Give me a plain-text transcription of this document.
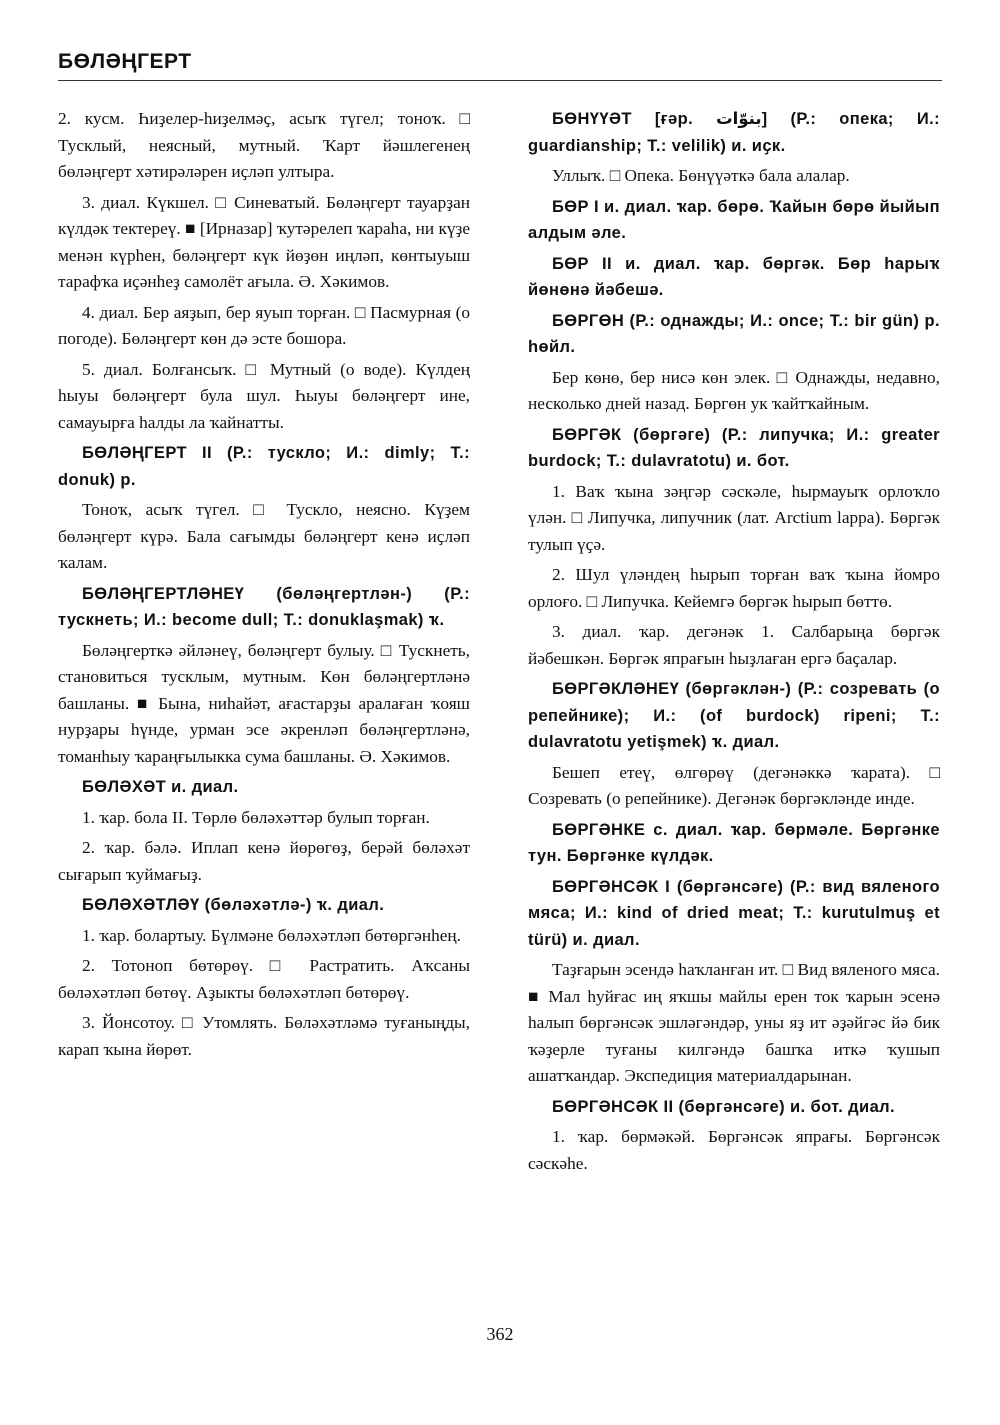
БӨЛӘҢГЕРТ

2. кусм. Һиҙелер-һиҙелмәҫ, асыҡ түгел; тоноҡ. □ Тусклый, неясный, мутный. Ҡарт йәшлегенең бөләңгерт хәтирәләрен иҫләп ултыра.

3. диал. Күкшел. □ Синеватый. Бөләңгерт тауарҙан күлдәк тектереү. ■ [Ирназар] ҡутәрелеп ҡараһа, ни күҙе менән күрһен, бөләңгерт күк йөҙөн иңләп, көнтыуыш тарафҡа иҫәнһеҙ самолёт ағыла. Ә. Хәкимов.

4. диал. Бер аяҙып, бер яуып торған. □ Пасмурная (о погоде). Бөләңгерт көн дә эсте бошора.

5. диал. Болғансыҡ. □ Мутный (о воде). Күлдең һыуы бөләңгерт була шул. Һыуы бөләңгерт ине, самауырға һалды ла ҡайнатты.

БӨЛӘҢГЕРТ II (Р.: тускло; И.: dimly; Т.: donuk) р.

Тоноҡ, асыҡ түгел. □ Тускло, неясно. Күҙем бөләңгерт күрә. Бала сағымды бөләңгерт кенә иҫләп ҡалам.

БӨЛӘҢГЕРТЛӘНЕҮ (бөләңгертлән-) (Р.: тускнеть; И.: become dull; Т.: donuklaşmak) ҡ.

Бөләңгерткә әйләнеү, бөләңгерт булыу. □ Тускнеть, становиться тусклым, мутным. Көн бөләңгертләнә башланы. ■ Бына, ниһайәт, ағастарҙы аралаған ҡояш нурҙары һүнде, урман эсе әкренләп бөләңгертләнә, томанһыу ҡараңғылыкка сума башланы. Ә. Хәкимов.

БӨЛӘХӘТ и. диал.

1. ҡар. бола II. Төрлө бөләхәттәр булып торған.

2. ҡар. бәлә. Иплап кенә йөрөгөҙ, берәй бөләхәт сығарып ҡуймағыҙ.

БӨЛӘХӘТЛӘҮ (бөләхәтлә-) ҡ. диал.

1. ҡар. болартыу. Бүлмәне бөләхәтләп бөтөргәнһең.

2. Тотоноп бөтөрөү. □ Растратить. Аҡсаны бөләхәтләп бөтөү. Аҙыкты бөләхәтләп бөтөрөү.

3. Йонсотоу. □ Утомлять. Бөләхәтләмә туғаныңды, карап ҡына йөрөт.

БӨНҮҮӘТ [ғәр. بنوّات] (Р.: опека; И.: guardianship; Т.: velilik) и. иҫк.

Уллыҡ. □ Опека. Бөнүүәткә бала алалар.

БӨР I и. диал. ҡар. бөрө. Ҡайын бөрө йыйып алдым әле.

БӨР II и. диал. ҡар. бөргәк. Бөр һарыҡ йөнөнә йәбешә.

БӨРГӨН (Р.: однажды; И.: once; Т.: bir gün) р. һөйл.

Бер көнө, бер нисә көн элек. □ Однажды, недавно, несколько дней назад. Бөргөн ук ҡайтҡайным.

БӨРГӘК (бөргәге) (Р.: липучка; И.: greater burdock; Т.: dulavratotu) и. бот.

1. Ваҡ ҡына зәңгәр сәскәле, һырмауыҡ орлоҡло үлән. □ Липучка, липучник (лат. Arctium lappa). Бөргәк тулып үҫә.

2. Шул үләндең һырып торған ваҡ ҡына йомро орлоғо. □ Липучка. Кейемгә бөргәк һырып бөттө.

3. диал. ҡар. дегәнәк 1. Салбарыңа бөргәк йәбешкән. Бөргәк япрағын һыҙлаған ергә баҫалар.

БӨРГӘКЛӘНЕҮ (бөргәклән-) (Р.: созревать (о репейнике); И.: (of burdock) ripeni; Т.: dulavratotu yetişmek) ҡ. диал.

Бешеп етеү, өлгөрөү (дегәнәккә ҡарата). □ Созревать (о репейнике). Дегәнәк бөргәкләнде инде.

БӨРГӘНКЕ с. диал. ҡар. бөрмәле. Бөргәнке тун. Бөргәнке күлдәк.

БӨРГӘНСӘК I (бөргәнсәге) (Р.: вид вяленого мяса; И.: kind of dried meat; Т.: kurutulmuş et türü) и. диал.

Таҙғарын эсендә һаҡланған ит. □ Вид вяленого мяса. ■ Мал һуйғас иң яҡшы майлы ерен ток ҡарын эсенә һалып бөргәнсәк эшләгәндәр, уны яҙ ит әҙәйгәс йә бик ҡәҙерле туғаны килгәндә башҡа иткә ҡушып ашатҡандар. Экспедиция материалдарынан.

БӨРГӘНСӘК II (бөргәнсәге) и. бот. диал.

1. ҡар. бөрмәкәй. Бөргәнсәк япрағы. Бөргәнсәк сәскәһе.

362
